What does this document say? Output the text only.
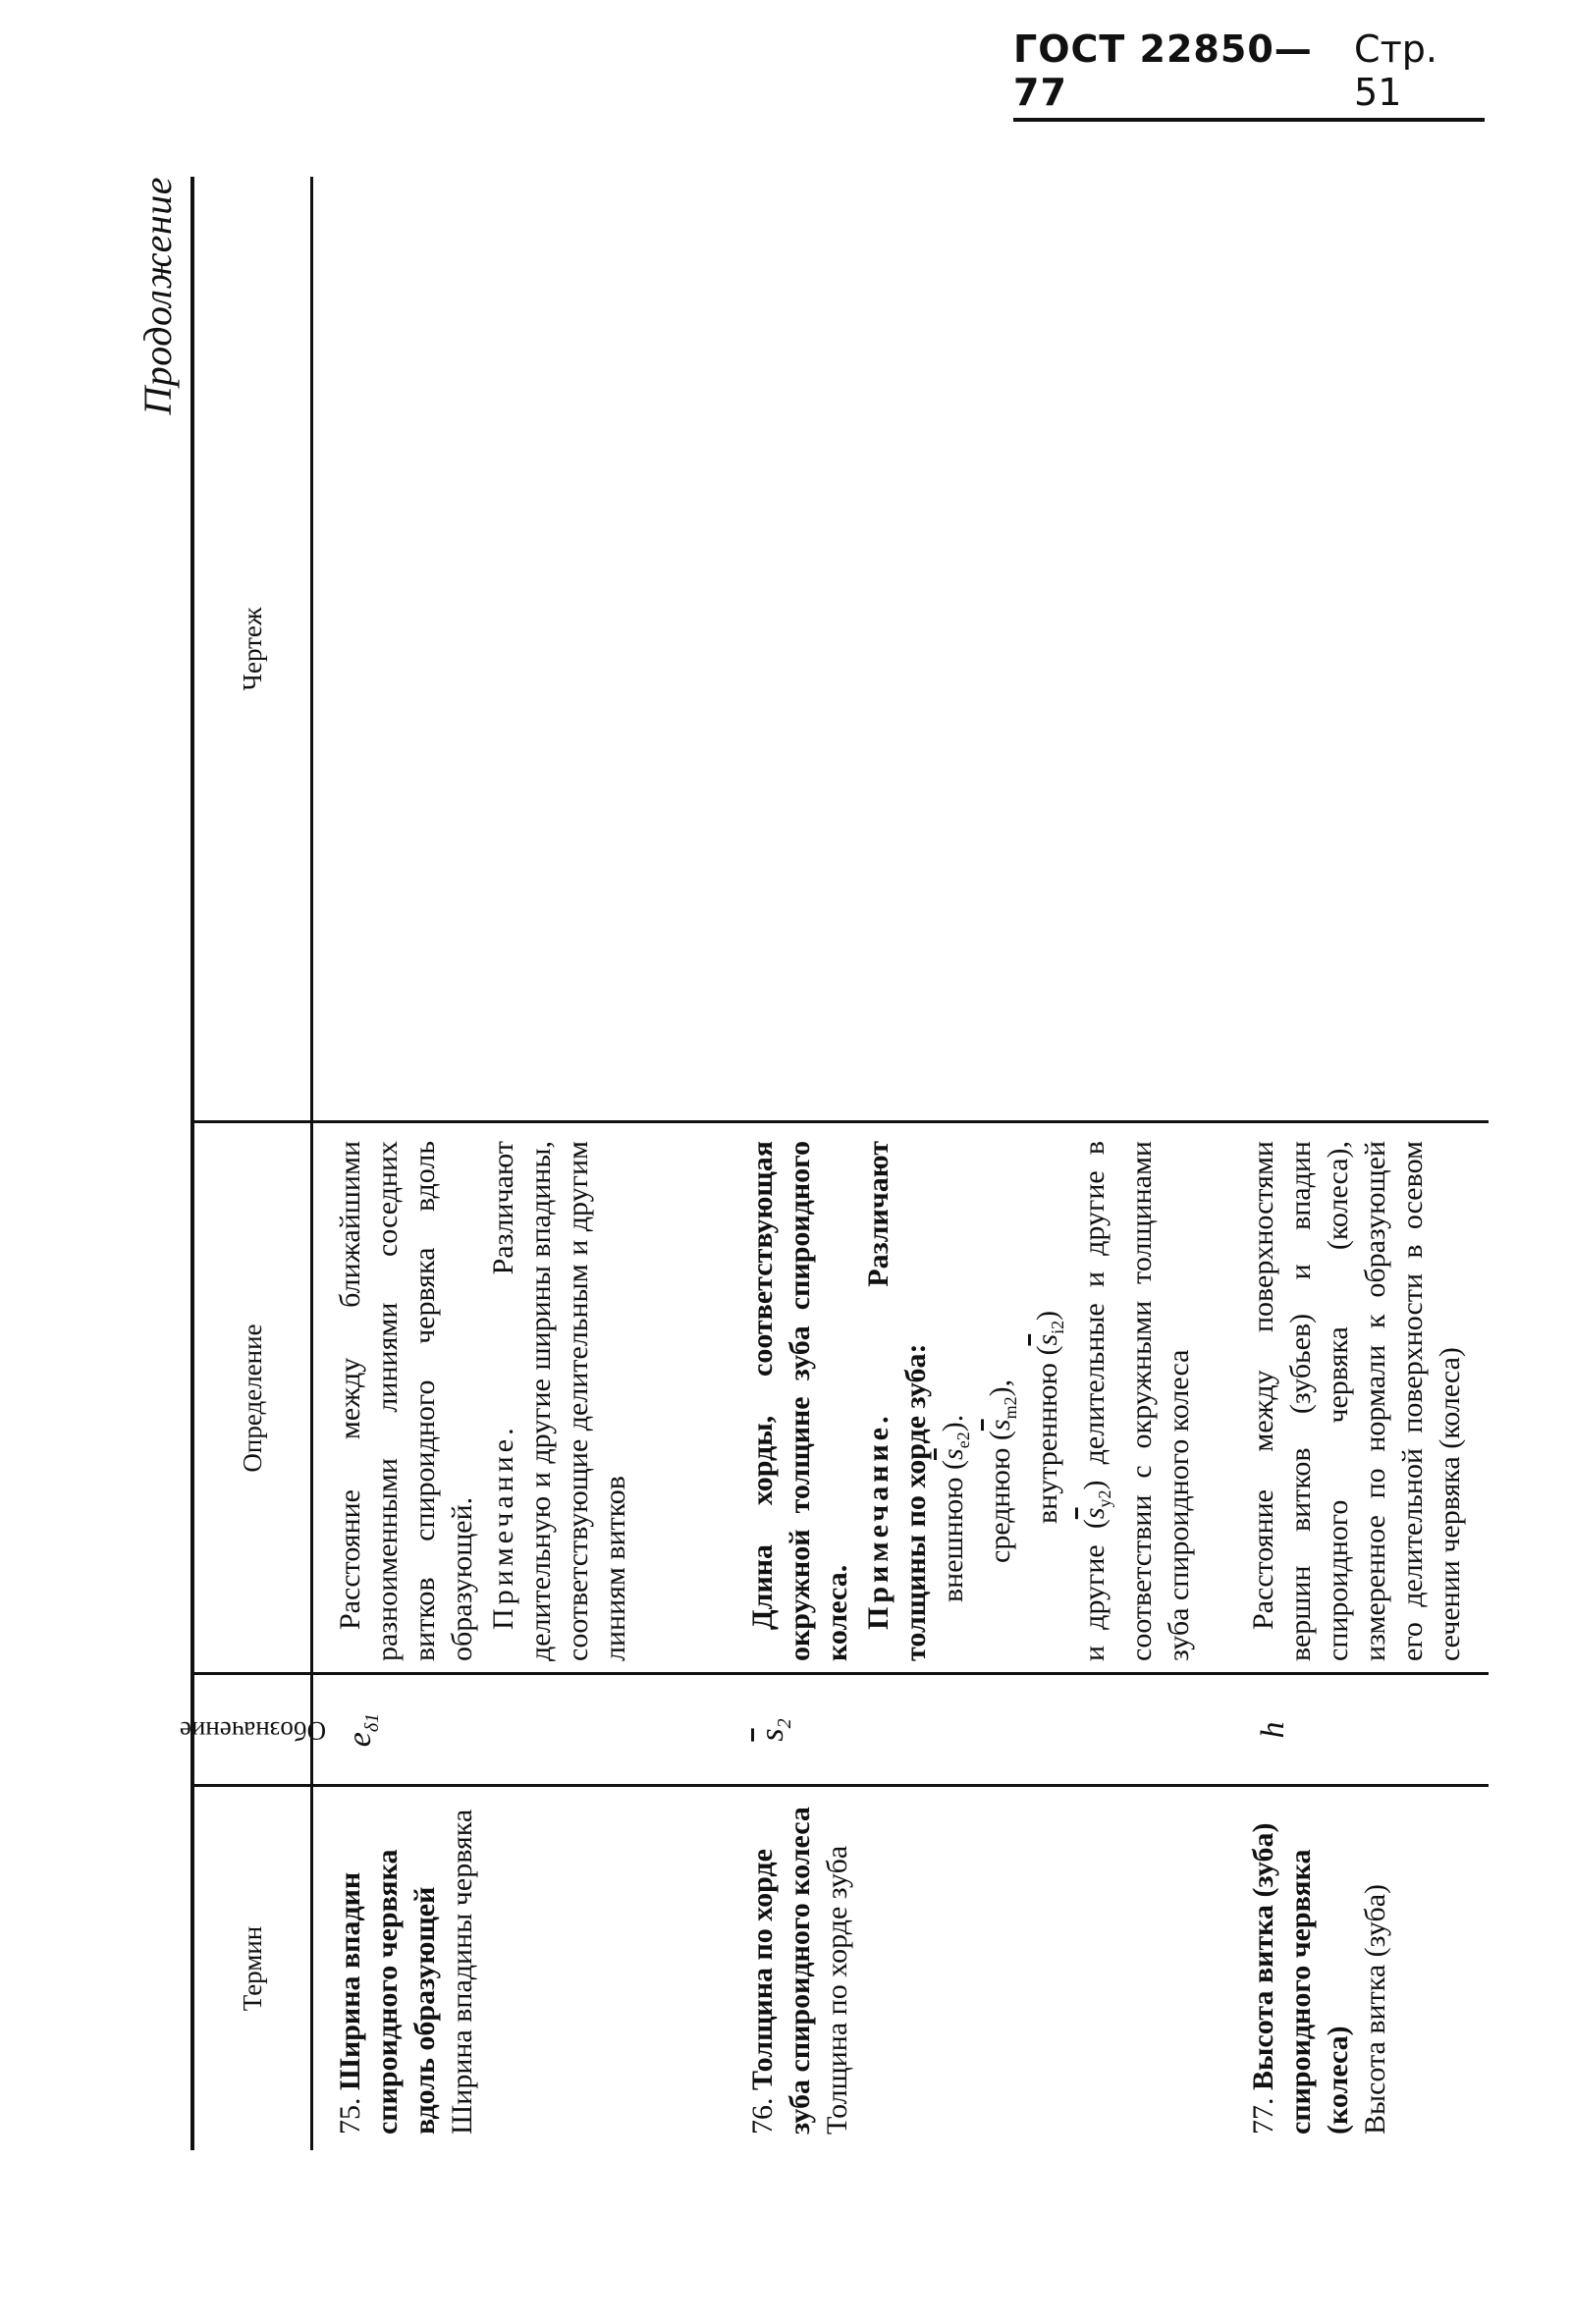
ГОСТ 22850—77
Стр. 51
Продолжение
Термин
Обозначение
Определение
Чертеж
75. Ширина впадин спироидного червяка вдоль образующей Ширина впадины червяка
$e_{\delta 1}$

Расстояние между ближайшими разноименными линиями соседних витков спироидного червяка вдоль образующей. Примечание. Различают делительную и другие ширины впадины, соответствующие делительным и другим линиям витков

76. Толщина по хорде зуба спироидного колеса Толщина по хорде зуба
$\overline{s}_2$

Длина хорды, соответствующая окружной толщине зуба спироидного колеса. Примечание. Различают толщины по хорде зуба: внешнюю $(\overline{s}_{e2})$.
среднюю $(\overline{s}_{m2})$, внутреннюю $(\overline{s}_{i2})$

и другие $(\overline{s}_{y2})$ делительные и другие в соответствии с окружными толщинами зуба спироидного колеса

77. Высота витка (зуба) спироидного червяка (колеса) Высота витка (зуба)
h

Расстояние между поверхностями вершин витков (зубьев) и впадин спироидного червяка (колеса), измеренное по нормали к образующей его делительной поверхности в осевом сечении червяка (колеса)
